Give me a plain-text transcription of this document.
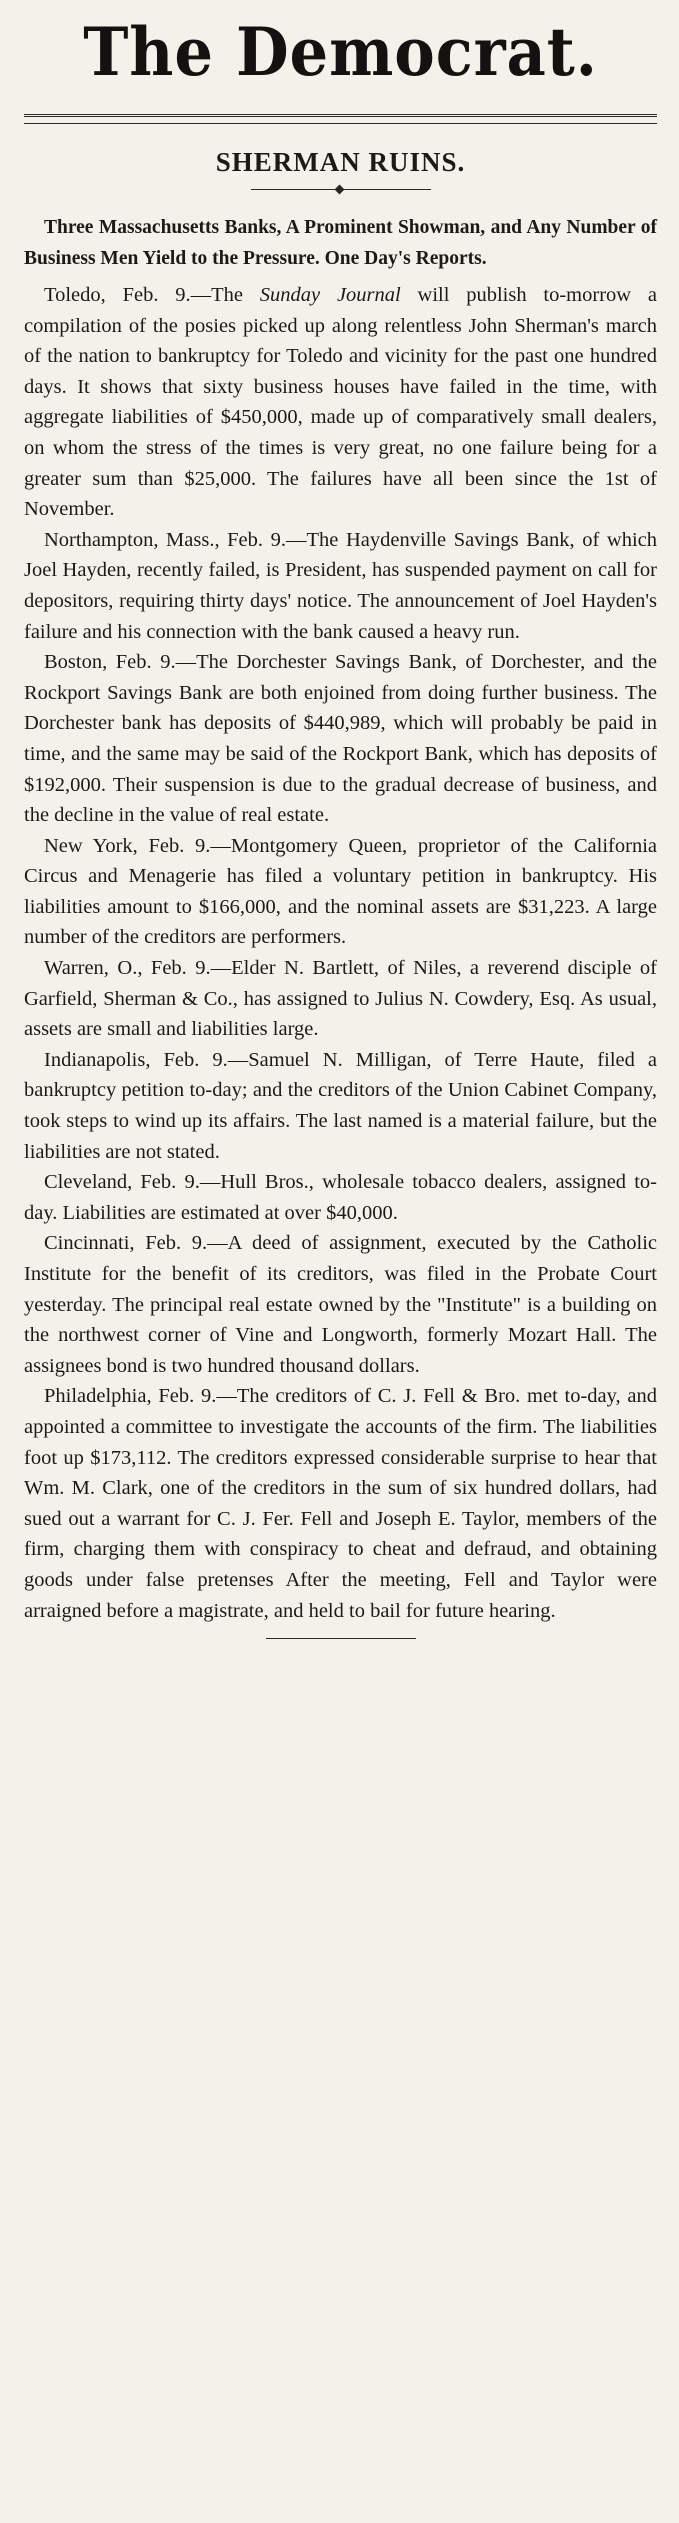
The Democrat.
SHERMAN RUINS.

Three Massachusetts Banks, A Prominent Showman, and Any Number of Business Men Yield to the Pressure. One Day's Reports.

Toledo, Feb. 9.—The Sunday Journal will publish to-morrow a compilation of the posies picked up along relentless John Sherman's march of the nation to bankruptcy for Toledo and vicinity for the past one hundred days. It shows that sixty business houses have failed in the time, with aggregate liabilities of $450,000, made up of comparatively small dealers, on whom the stress of the times is very great, no one failure being for a greater sum than $25,000. The failures have all been since the 1st of November.

Northampton, Mass., Feb. 9.—The Haydenville Savings Bank, of which Joel Hayden, recently failed, is President, has suspended payment on call for depositors, requiring thirty days' notice. The announcement of Joel Hayden's failure and his connection with the bank caused a heavy run.

Boston, Feb. 9.—The Dorchester Savings Bank, of Dorchester, and the Rockport Savings Bank are both enjoined from doing further business. The Dorchester bank has deposits of $440,989, which will probably be paid in time, and the same may be said of the Rockport Bank, which has deposits of $192,000. Their suspension is due to the gradual decrease of business, and the decline in the value of real estate.

New York, Feb. 9.—Montgomery Queen, proprietor of the California Circus and Menagerie has filed a voluntary petition in bankruptcy. His liabilities amount to $166,000, and the nominal assets are $31,223. A large number of the creditors are performers.

Warren, O., Feb. 9.—Elder N. Bartlett, of Niles, a reverend disciple of Garfield, Sherman & Co., has assigned to Julius N. Cowdery, Esq. As usual, assets are small and liabilities large.

Indianapolis, Feb. 9.—Samuel N. Milligan, of Terre Haute, filed a bankruptcy petition to-day; and the creditors of the Union Cabinet Company, took steps to wind up its affairs. The last named is a material failure, but the liabilities are not stated.

Cleveland, Feb. 9.—Hull Bros., wholesale tobacco dealers, assigned to-day. Liabilities are estimated at over $40,000.

Cincinnati, Feb. 9.—A deed of assignment, executed by the Catholic Institute for the benefit of its creditors, was filed in the Probate Court yesterday. The principal real estate owned by the "Institute" is a building on the northwest corner of Vine and Longworth, formerly Mozart Hall. The assignees bond is two hundred thousand dollars.

Philadelphia, Feb. 9.—The creditors of C. J. Fell & Bro. met to-day, and appointed a committee to investigate the accounts of the firm. The liabilities foot up $173,112. The creditors expressed considerable surprise to hear that Wm. M. Clark, one of the creditors in the sum of six hundred dollars, had sued out a warrant for C. J. Fer. Fell and Joseph E. Taylor, members of the firm, charging them with conspiracy to cheat and defraud, and obtaining goods under false pretenses After the meeting, Fell and Taylor were arraigned before a magistrate, and held to bail for future hearing.
